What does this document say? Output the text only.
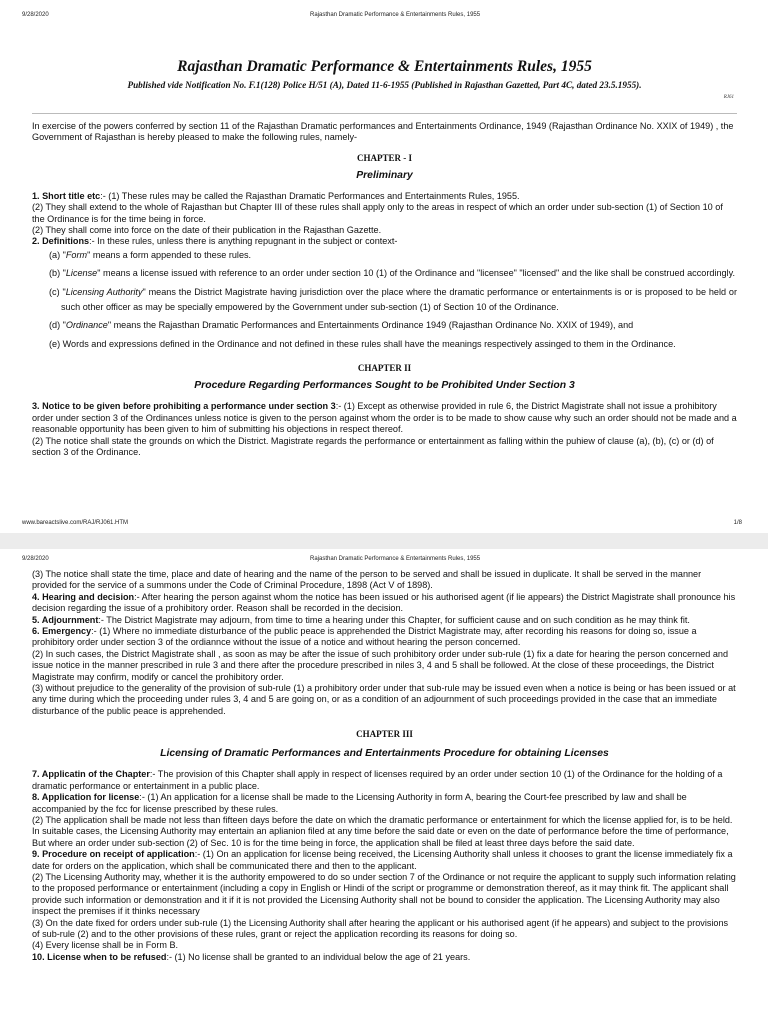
9/28/2020	Rajasthan Dramatic Performance & Entertainments Rules, 1955
Rajasthan Dramatic Performance & Entertainments Rules, 1955

Published vide Notification No. F.1(128) Police H/51 (A), Dated 11-6-1955 (Published in Rajasthan Gazetted, Part 4C, dated 23.5.1955).

RJ61

In exercise of the powers conferred by section 11 of the Rajasthan Dramatic performances and Entertainments Ordinance, 1949 (Rajasthan Ordinance No. XXIX of 1949) , the Government of Rajasthan is hereby pleased to make the following rules, namely-

CHAPTER - I
Preliminary

1. Short title etc:- (1) These rules may be called the Rajasthan Dramatic Performances and Entertainments Rules, 1955.

(2) They shall extend to the whole of Rajasthan but Chapter III of these rules shall apply only to the areas in respect of which an order under sub-section (1) of Section 10 of the Ordinance is for the time being in force.

(2) They shall come into force on the date of their publication in the Rajasthan Gazette.

2. Definitions:- In these rules, unless there is anything repugnant in the subject or context-

(a) "Form" means a form appended to these rules.

(b) "License" means a license issued with reference to an order under section 10 (1) of the Ordinance and "licensee" "licensed" and the like shall be construed accordingly.

(c) "Licensing Authority" means the District Magistrate having jurisdiction over the place where the dramatic performance or entertainments is or is proposed to be held or such other officer as may be specially empowered by the Government under sub-section (1) of Section 10 of the Ordinance.

(d) "Ordinance" means the Rajasthan Dramatic Performances and Entertainments Ordinance 1949 (Rajasthan Ordinance No. XXIX of 1949), and

(e) Words and expressions defined in the Ordinance and not defined in these rules shall have the meanings respectively assinged to them in the Ordinance.

CHAPTER II
Procedure Regarding Performances Sought to be Prohibited Under Section 3

3. Notice to be given before prohibiting a performance under section 3:- (1) Except as otherwise provided in rule 6, the District Magistrate shall not issue a prohibitory order under section 3 of the Ordinances unless notice is given to the person against whom the order is to be made to show cause why such an order should not be made and a reasonable opportunity has been given to him of submitting his objections in respect thereof.

(2) The notice shall state the grounds on which the District. Magistrate regards the performance or entertainment as falling within the puhiew of clause (a), (b), (c) or (d) of section 3 of the Ordinance.

www.bareactslive.com/RAJ/RJ061.HTM	1/8
9/28/2020	Rajasthan Dramatic Performance & Entertainments Rules, 1955

(3) The notice shall state the time, place and date of hearing and the name of the person to be served and shall be issued in duplicate. It shall be served in the manner provided for the service of a summons under the Code of Criminal Procedure, 1898 (Act V of 1898).

4. Hearing and decision:- After hearing the person against whom the notice has been issued or his authorised agent (if lie appears) the District Magistrate shall pronounce his decision regarding the issue of a prohibitory order. Reason shall be recorded in the decision.

5. Adjournment:- The District Magistrate may adjourn, from time to time a hearing under this Chapter, for sufficient cause and on such condition as he may think fit.

6. Emergency:- (1) Where no immediate disturbance of the public peace is apprehended the District Magistrate may, after recording his reasons for doing so, issue a prohibitory order under section 3 of the ordiannce without the issue of a notice and without hearing the person concerned.

(2) In such cases, the District Magistrate shall , as soon as may be after the issue of such prohibitory order under sub-rule (1) fix a date for hearing the person concerned and issue notice in the manner prescribed in rule 3 and there after the procedure prescribed in niles 3, 4 and 5 shall be followed. At the close of these proceedings, the District Magistrate may confirm, modify or cancel the prohibitory order.

(3) without prejudice to the generality of the provision of sub-rule (1) a prohibitory order under that sub-rule may be issued even when a notice is being or has been issued or at any time during which the proceeding under rules 3, 4 and 5 are going on, or as a condition of an adjournment of such proceedings provided in the case that an immediate disturbance of the public peace is apprehended.

CHAPTER III
Licensing of Dramatic Performances and Entertainments Procedure for obtaining Licenses

7. Applicatin of the Chapter:- The provision of this Chapter shall apply in respect of licenses required by an order under section 10 (1) of the Ordinance for the holding of a dramatic performance or entertainment in a public place.

8. Application for license:- (1) An application for a license shall be made to the Licensing Authority in form A, bearing the Court-fee prescribed by law and shall be accompanied by the fcc for license prescribed by these rules.

(2) The application shall be made not less than fifteen days before the date on which the dramatic performance or entertainment for which the license applied for, is to be held.

In suitable cases, the Licensing Authority may entertain an aplianion filed at any time before the said date or even on the date of performance before the time of performance, But where an order under sub-section (2) of Sec. 10 is for the time being in force, the application shall be filed at least three days before the said date.

9. Procedure on receipt of application:- (1) On an application for license being received, the Licensing Authority shall unless it chooses to grant the license immediately fix a date for orders on the application, which shall be communicated there and then to the applicant.

(2) The Licensing Authority may, whether it is the authority empowered to do so under section 7 of the Ordinance or not require the applicant to supply such information relating to the proposed performance or entertainment (including a copy in English or Hindi of the script or programme or demonstration thereof, as it may think fit. The applicant shall provide such information or demonstration and it if it is not provided the Licensing Authority shall not be bound to consider the application. The Licensing Authority may also inspect the premises if it thinks necessary

(3) On the date fixed for orders under sub-rule (1) the Licensing Authority shall after hearing the applicant or his authorised agent (if he appears) and subject to the provisions of sub-rule (2) and to the other provisions of these rules, grant or reject the application recording its reasons for doing so.

(4) Every license shall be in Form B.

10. License when to be refused:- (1) No license shall be granted to an individual below the age of 21 years.
